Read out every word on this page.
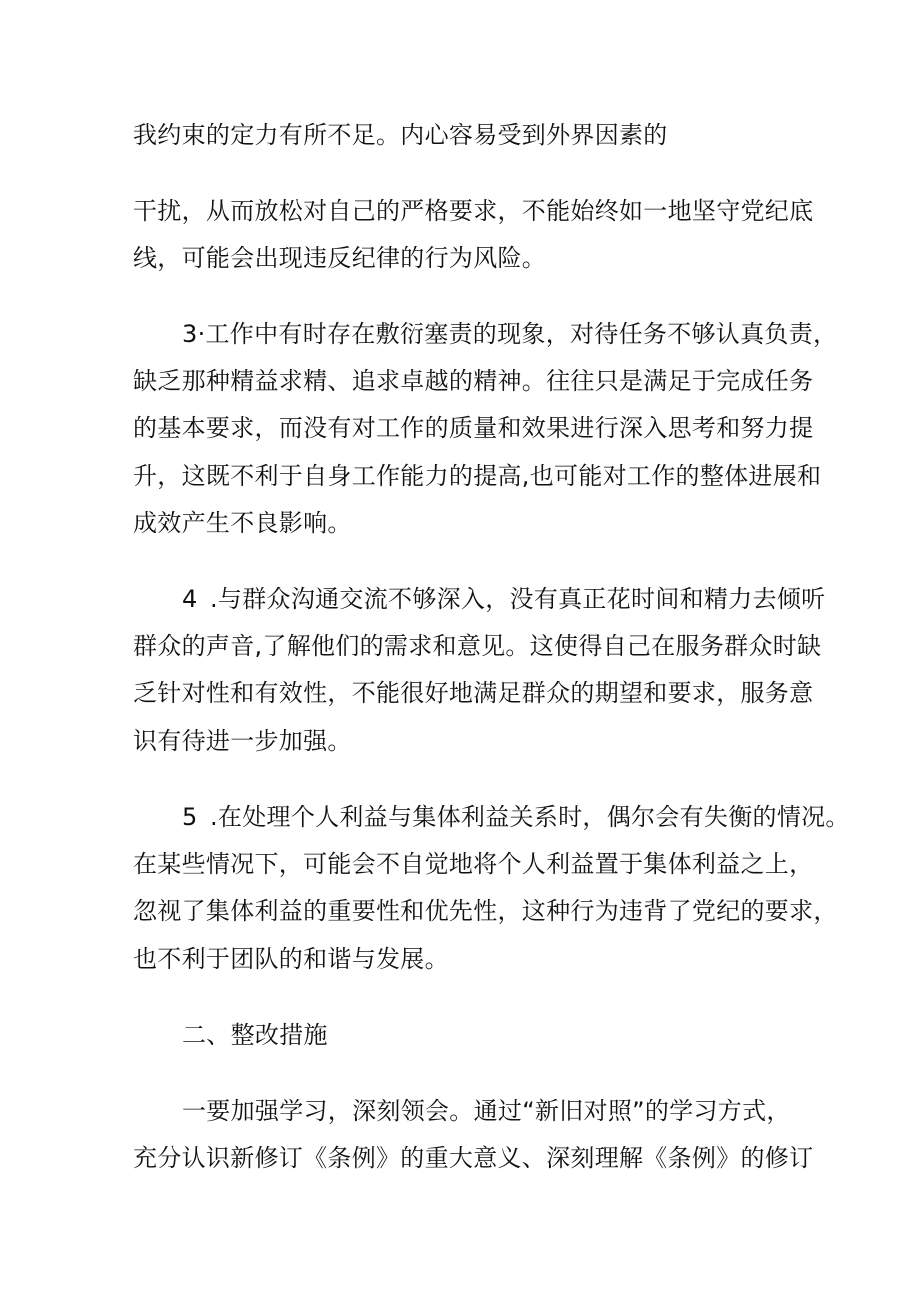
我约束的定力有所不足。内心容易受到外界因素的
干扰，从而放松对自己的严格要求，不能始终如一地坚守党纪底
线，可能会出现违反纪律的行为风险。
3·工作中有时存在敷衍塞责的现象，对待任务不够认真负责，
缺乏那种精益求精、追求卓越的精神。往往只是满足于完成任务
的基本要求，而没有对工作的质量和效果进行深入思考和努力提
升，这既不利于自身工作能力的提高,也可能对工作的整体进展和
成效产生不良影响。
4 .与群众沟通交流不够深入，没有真正花时间和精力去倾听
群众的声音,了解他们的需求和意见。这使得自己在服务群众时缺
乏针对性和有效性，不能很好地满足群众的期望和要求，服务意
识有待进一步加强。
5 .在处理个人利益与集体利益关系时，偶尔会有失衡的情况。
在某些情况下，可能会不自觉地将个人利益置于集体利益之上，
忽视了集体利益的重要性和优先性，这种行为违背了党纪的要求，
也不利于团队的和谐与发展。
二、整改措施
一要加强学习，深刻领会。通过“新旧对照”的学习方式，
充分认识新修订《条例》的重大意义、深刻理解《条例》的修订
